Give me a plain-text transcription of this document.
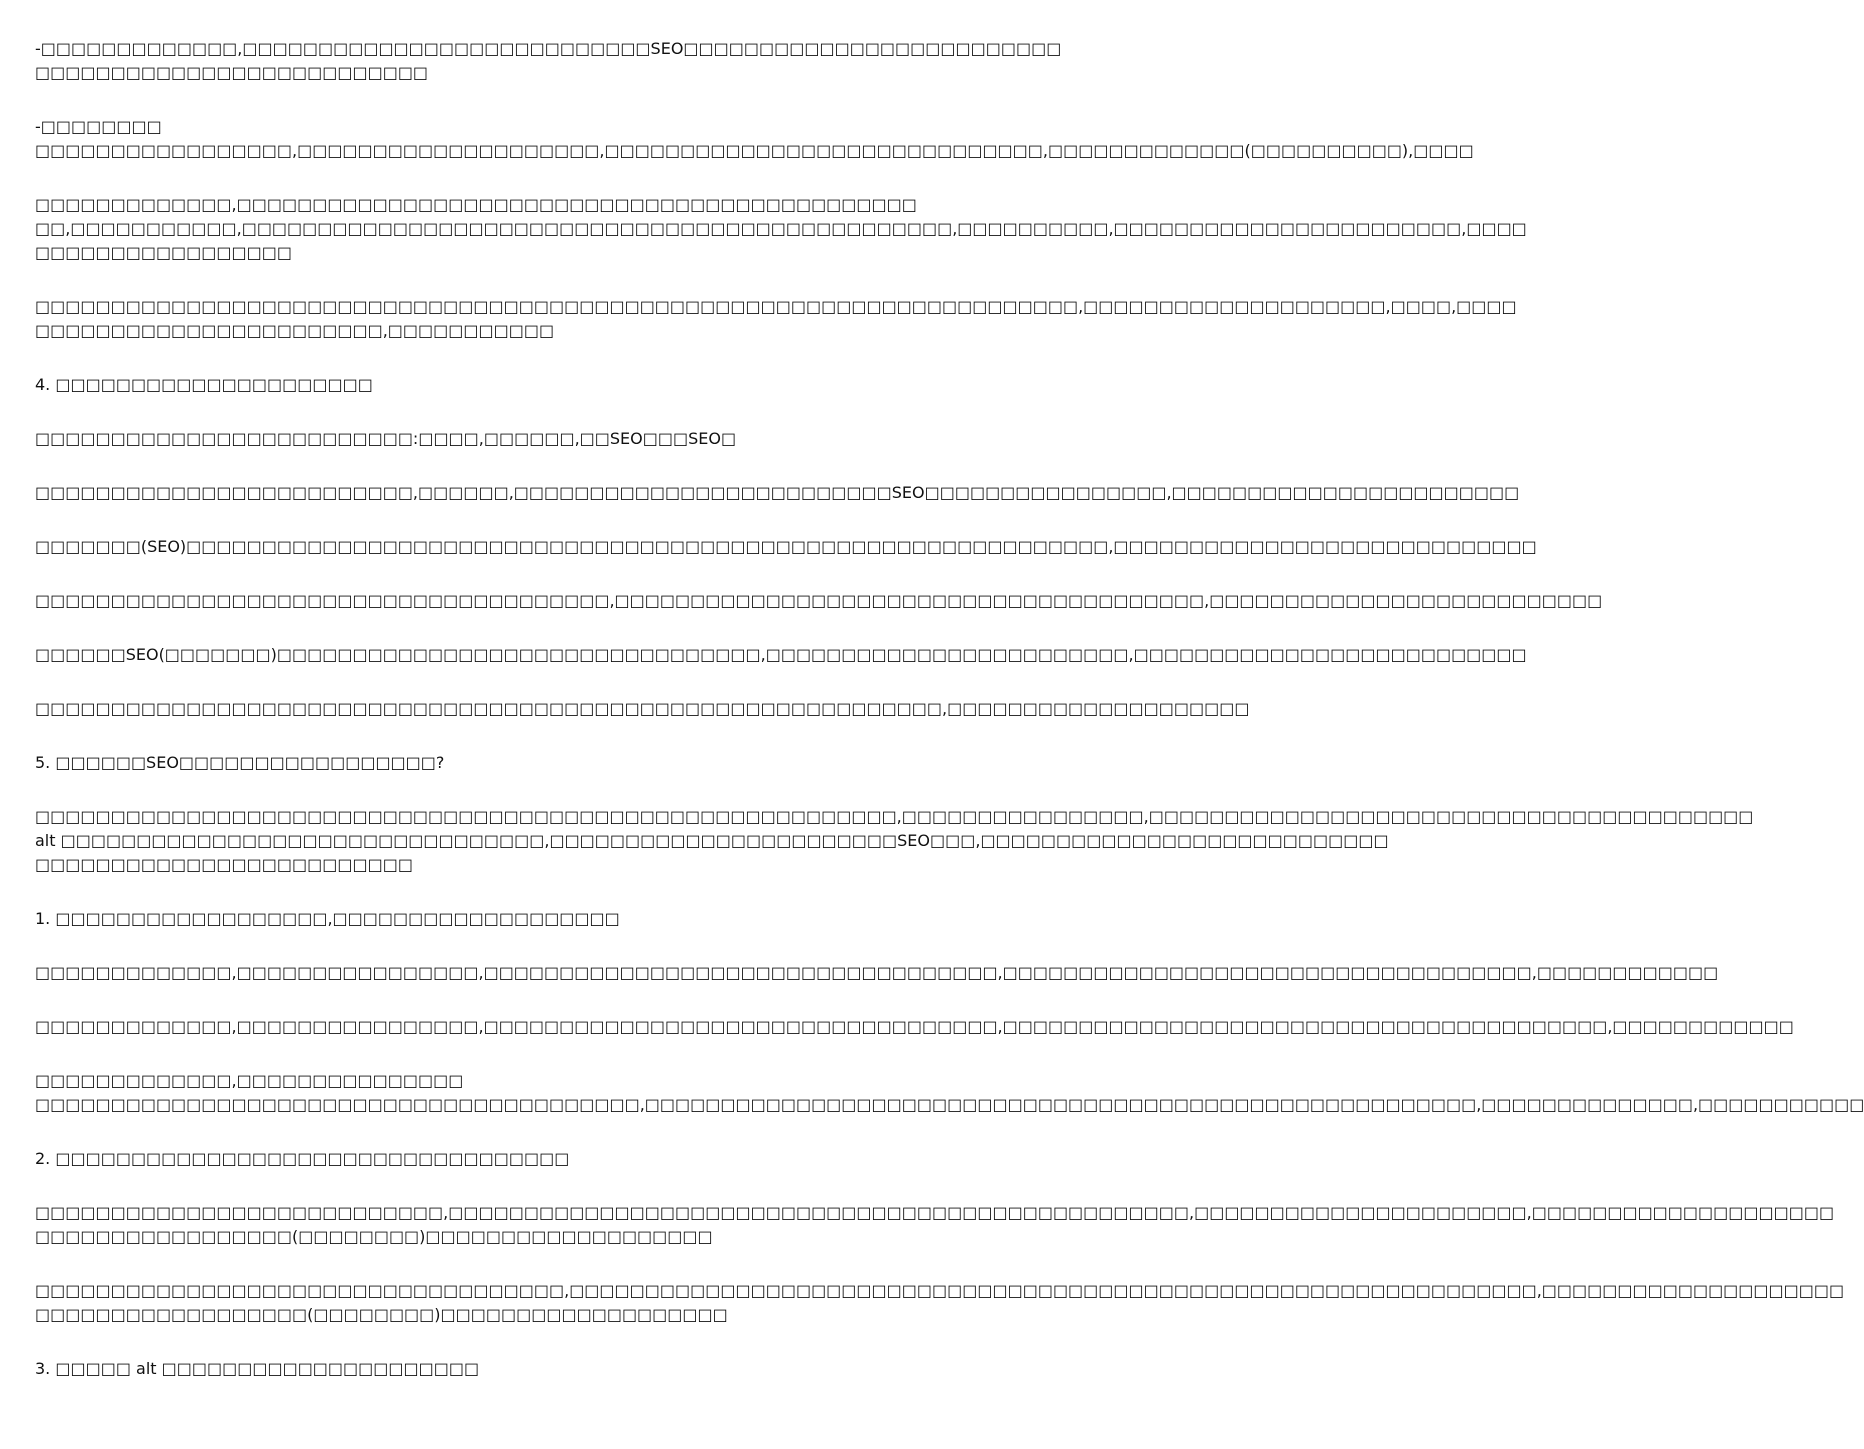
-□□□□□□□□□□□□□,□□□□□□□□□□□□□□□□□□□□□□□□□□□SEO□□□□□□□□□□□□□□□□□□□□□□□□□
□□□□□□□□□□□□□□□□□□□□□□□□□□
-□□□□□□□□
□□□□□□□□□□□□□□□□□,□□□□□□□□□□□□□□□□□□□□,□□□□□□□□□□□□□□□□□□□□□□□□□□□□□,□□□□□□□□□□□□□(□□□□□□□□□□),□□□□
□□□□□□□□□□□□□,□□□□□□□□□□□□□□□□□□□□□□□□□□□□□□□□□□□□□□□□□□□□□
□□,□□□□□□□□□□□,□□□□□□□□□□□□□□□□□□□□□□□□□□□□□□□□□□□□□□□□□□□□□□□,□□□□□□□□□□,□□□□□□□□□□□□□□□□□□□□□□□,□□□□
□□□□□□□□□□□□□□□□□
□□□□□□□□□□□□□□□□□□□□□□□□□□□□□□□□□□□□□□□□□□□□□□□□□□□□□□□□□□□□□□□□□□□□□,□□□□□□□□□□□□□□□□□□□□,□□□□,□□□□
□□□□□□□□□□□□□□□□□□□□□□□,□□□□□□□□□□□
4. □□□□□□□□□□□□□□□□□□□□□
□□□□□□□□□□□□□□□□□□□□□□□□□:□□□□,□□□□□□,□□SEO□□□SEO□
□□□□□□□□□□□□□□□□□□□□□□□□□,□□□□□□,□□□□□□□□□□□□□□□□□□□□□□□□□SEO□□□□□□□□□□□□□□□□,□□□□□□□□□□□□□□□□□□□□□□□
□□□□□□□(SEO)□□□□□□□□□□□□□□□□□□□□□□□□□□□□□□□□□□□□□□□□□□□□□□□□□□□□□□□□□□□□□,□□□□□□□□□□□□□□□□□□□□□□□□□□□□
□□□□□□□□□□□□□□□□□□□□□□□□□□□□□□□□□□□□□□,□□□□□□□□□□□□□□□□□□□□□□□□□□□□□□□□□□□□□□□,□□□□□□□□□□□□□□□□□□□□□□□□□□
□□□□□□SEO(□□□□□□□)□□□□□□□□□□□□□□□□□□□□□□□□□□□□□□□□,□□□□□□□□□□□□□□□□□□□□□□□□,□□□□□□□□□□□□□□□□□□□□□□□□□□
□□□□□□□□□□□□□□□□□□□□□□□□□□□□□□□□□□□□□□□□□□□□□□□□□□□□□□□□□□□□,□□□□□□□□□□□□□□□□□□□□
5. □□□□□□SEO□□□□□□□□□□□□□□□□□?
□□□□□□□□□□□□□□□□□□□□□□□□□□□□□□□□□□□□□□□□□□□□□□□□□□□□□□□□□,□□□□□□□□□□□□□□□□,□□□□□□□□□□□□□□□□□□□□□□□□□□□□□□□□□□□□□□□□
alt □□□□□□□□□□□□□□□□□□□□□□□□□□□□□□□□,□□□□□□□□□□□□□□□□□□□□□□□SEO□□□,□□□□□□□□□□□□□□□□□□□□□□□□□□□
□□□□□□□□□□□□□□□□□□□□□□□□□
1. □□□□□□□□□□□□□□□□□□,□□□□□□□□□□□□□□□□□□□
□□□□□□□□□□□□□,□□□□□□□□□□□□□□□□,□□□□□□□□□□□□□□□□□□□□□□□□□□□□□□□□□□,□□□□□□□□□□□□□□□□□□□□□□□□□□□□□□□□□□□,□□□□□□□□□□□□
□□□□□□□□□□□□□,□□□□□□□□□□□□□□□□,□□□□□□□□□□□□□□□□□□□□□□□□□□□□□□□□□□,□□□□□□□□□□□□□□□□□□□□□□□□□□□□□□□□□□□□□□□□,□□□□□□□□□□□□
□□□□□□□□□□□□□,□□□□□□□□□□□□□□□
□□□□□□□□□□□□□□□□□□□□□□□□□□□□□□□□□□□□□□□□,□□□□□□□□□□□□□□□□□□□□□□□□□□□□□□□□□□□□□□□□□□□□□□□□□□□□□□□,□□□□□□□□□□□□□□,□□□□□□□□□□□
2. □□□□□□□□□□□□□□□□□□□□□□□□□□□□□□□□□□
□□□□□□□□□□□□□□□□□□□□□□□□□□□,□□□□□□□□□□□□□□□□□□□□□□□□□□□□□□□□□□□□□□□□□□□□□□□□□,□□□□□□□□□□□□□□□□□□□□□□,□□□□□□□□□□□□□□□□□□□□
□□□□□□□□□□□□□□□□□(□□□□□□□□)□□□□□□□□□□□□□□□□□□□
□□□□□□□□□□□□□□□□□□□□□□□□□□□□□□□□□□□,□□□□□□□□□□□□□□□□□□□□□□□□□□□□□□□□□□□□□□□□□□□□□□□□□□□□□□□□□□□□□□□□,□□□□□□□□□□□□□□□□□□□□
□□□□□□□□□□□□□□□□□□(□□□□□□□□)□□□□□□□□□□□□□□□□□□□
3. □□□□□ alt □□□□□□□□□□□□□□□□□□□□□
